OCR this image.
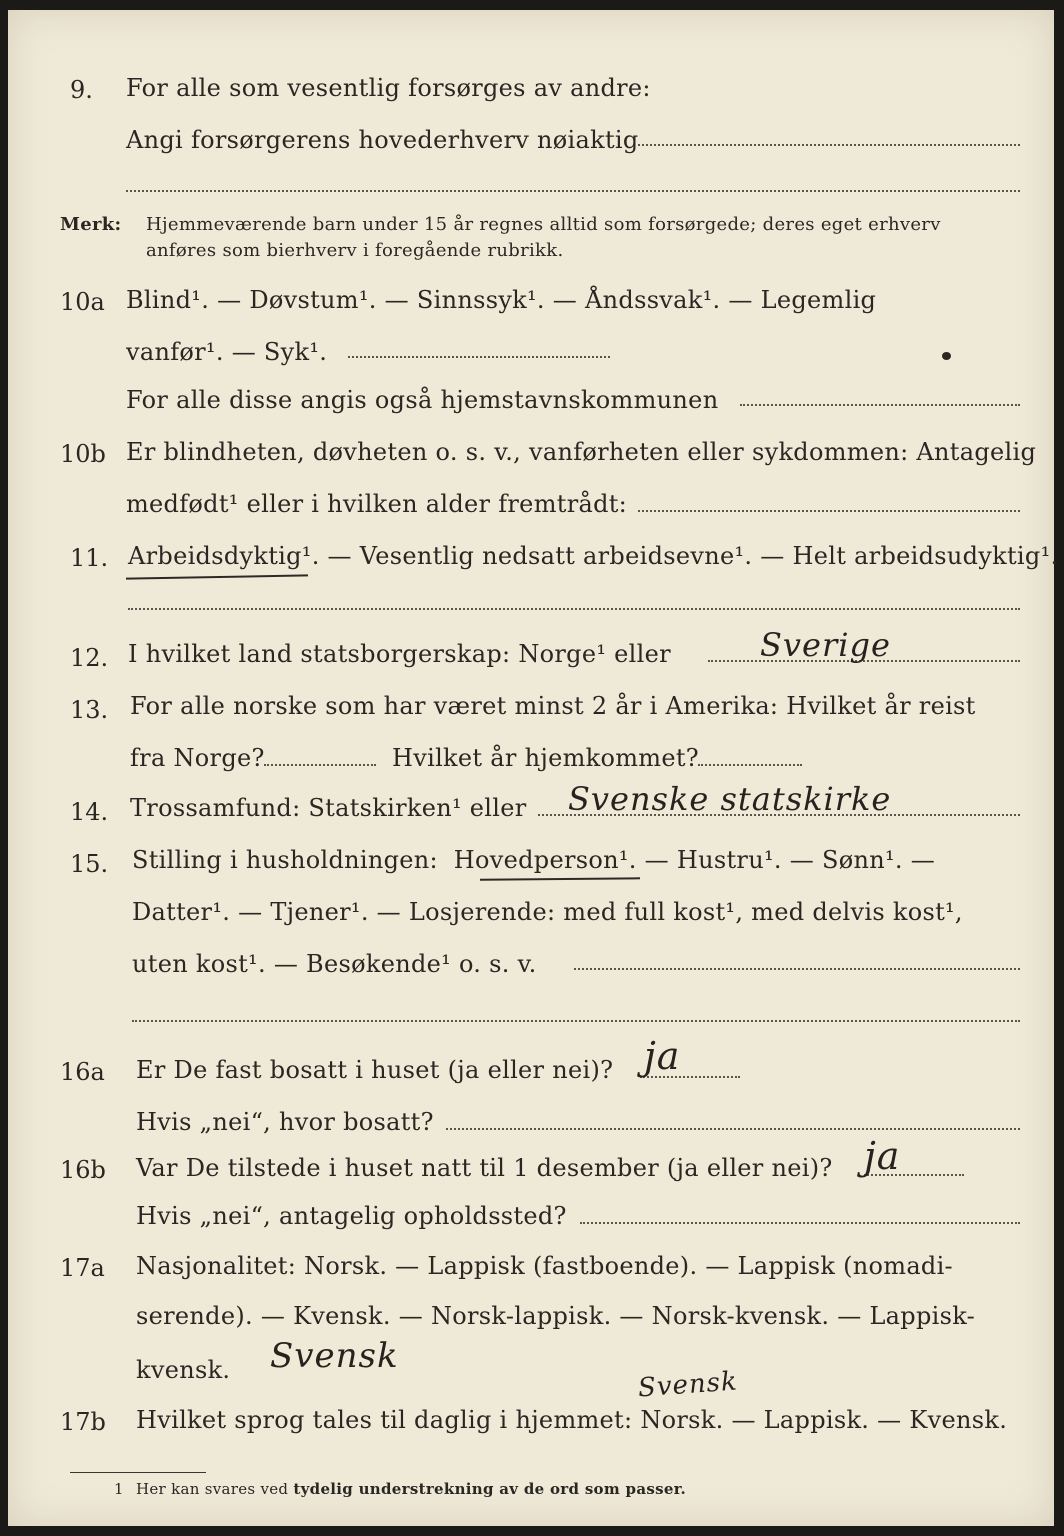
9. For alle som vesentlig forsørges av andre:
Angi forsørgerens hovederhverv nøiaktig
Merk: Hjemmeværende barn under 15 år regnes alltid som forsørgede; deres eget erhverv
anføres som bierhverv i foregående rubrikk.
10a Blind¹. — Døvstum¹. — Sinnssyk¹. — Åndssvak¹. — Legemlig
vanfør¹. — Syk¹.
For alle disse angis også hjemstavnskommunen
10b Er blindheten, døvheten o. s. v., vanførheten eller sykdommen: Antagelig
medfødt¹ eller i hvilken alder fremtrådt:
11. Arbeidsdyktig¹. — Vesentlig nedsatt arbeidsevne¹. — Helt arbeidsudyktig¹.
12. I hvilket land statsborgerskap: Norge¹ eller	Sverige
13. For alle norske som har været minst 2 år i Amerika: Hvilket år reist
fra Norge?	Hvilket år hjemkommet?
14. Trossamfund: Statskirken¹ eller Svenske statskirke
15. Stilling i husholdningen: Hovedperson¹. — Hustru¹. — Sønn¹. —
Datter¹. — Tjener¹. — Losjerende: med full kost¹, med delvis kost¹,
uten kost¹. — Besøkende¹ o. s. v.
16a Er De fast bosatt i huset (ja eller nei)? ja
Hvis „nei“, hvor bosatt?
16b Var De tilstede i huset natt til 1 desember (ja eller nei)? ja
Hvis „nei“, antagelig opholdssted?
17a Nasjonalitet: Norsk. — Lappisk (fastboende). — Lappisk (nomadi-
serende). — Kvensk. — Norsk-lappisk. — Norsk-kvensk. — Lappisk-
kvensk. Svensk
17b
Svensk
Hvilket sprog tales til daglig i hjemmet: Norsk. — Lappisk. — Kvensk.
1 Her kan svares ved tydelig understrekning av de ord som passer.
